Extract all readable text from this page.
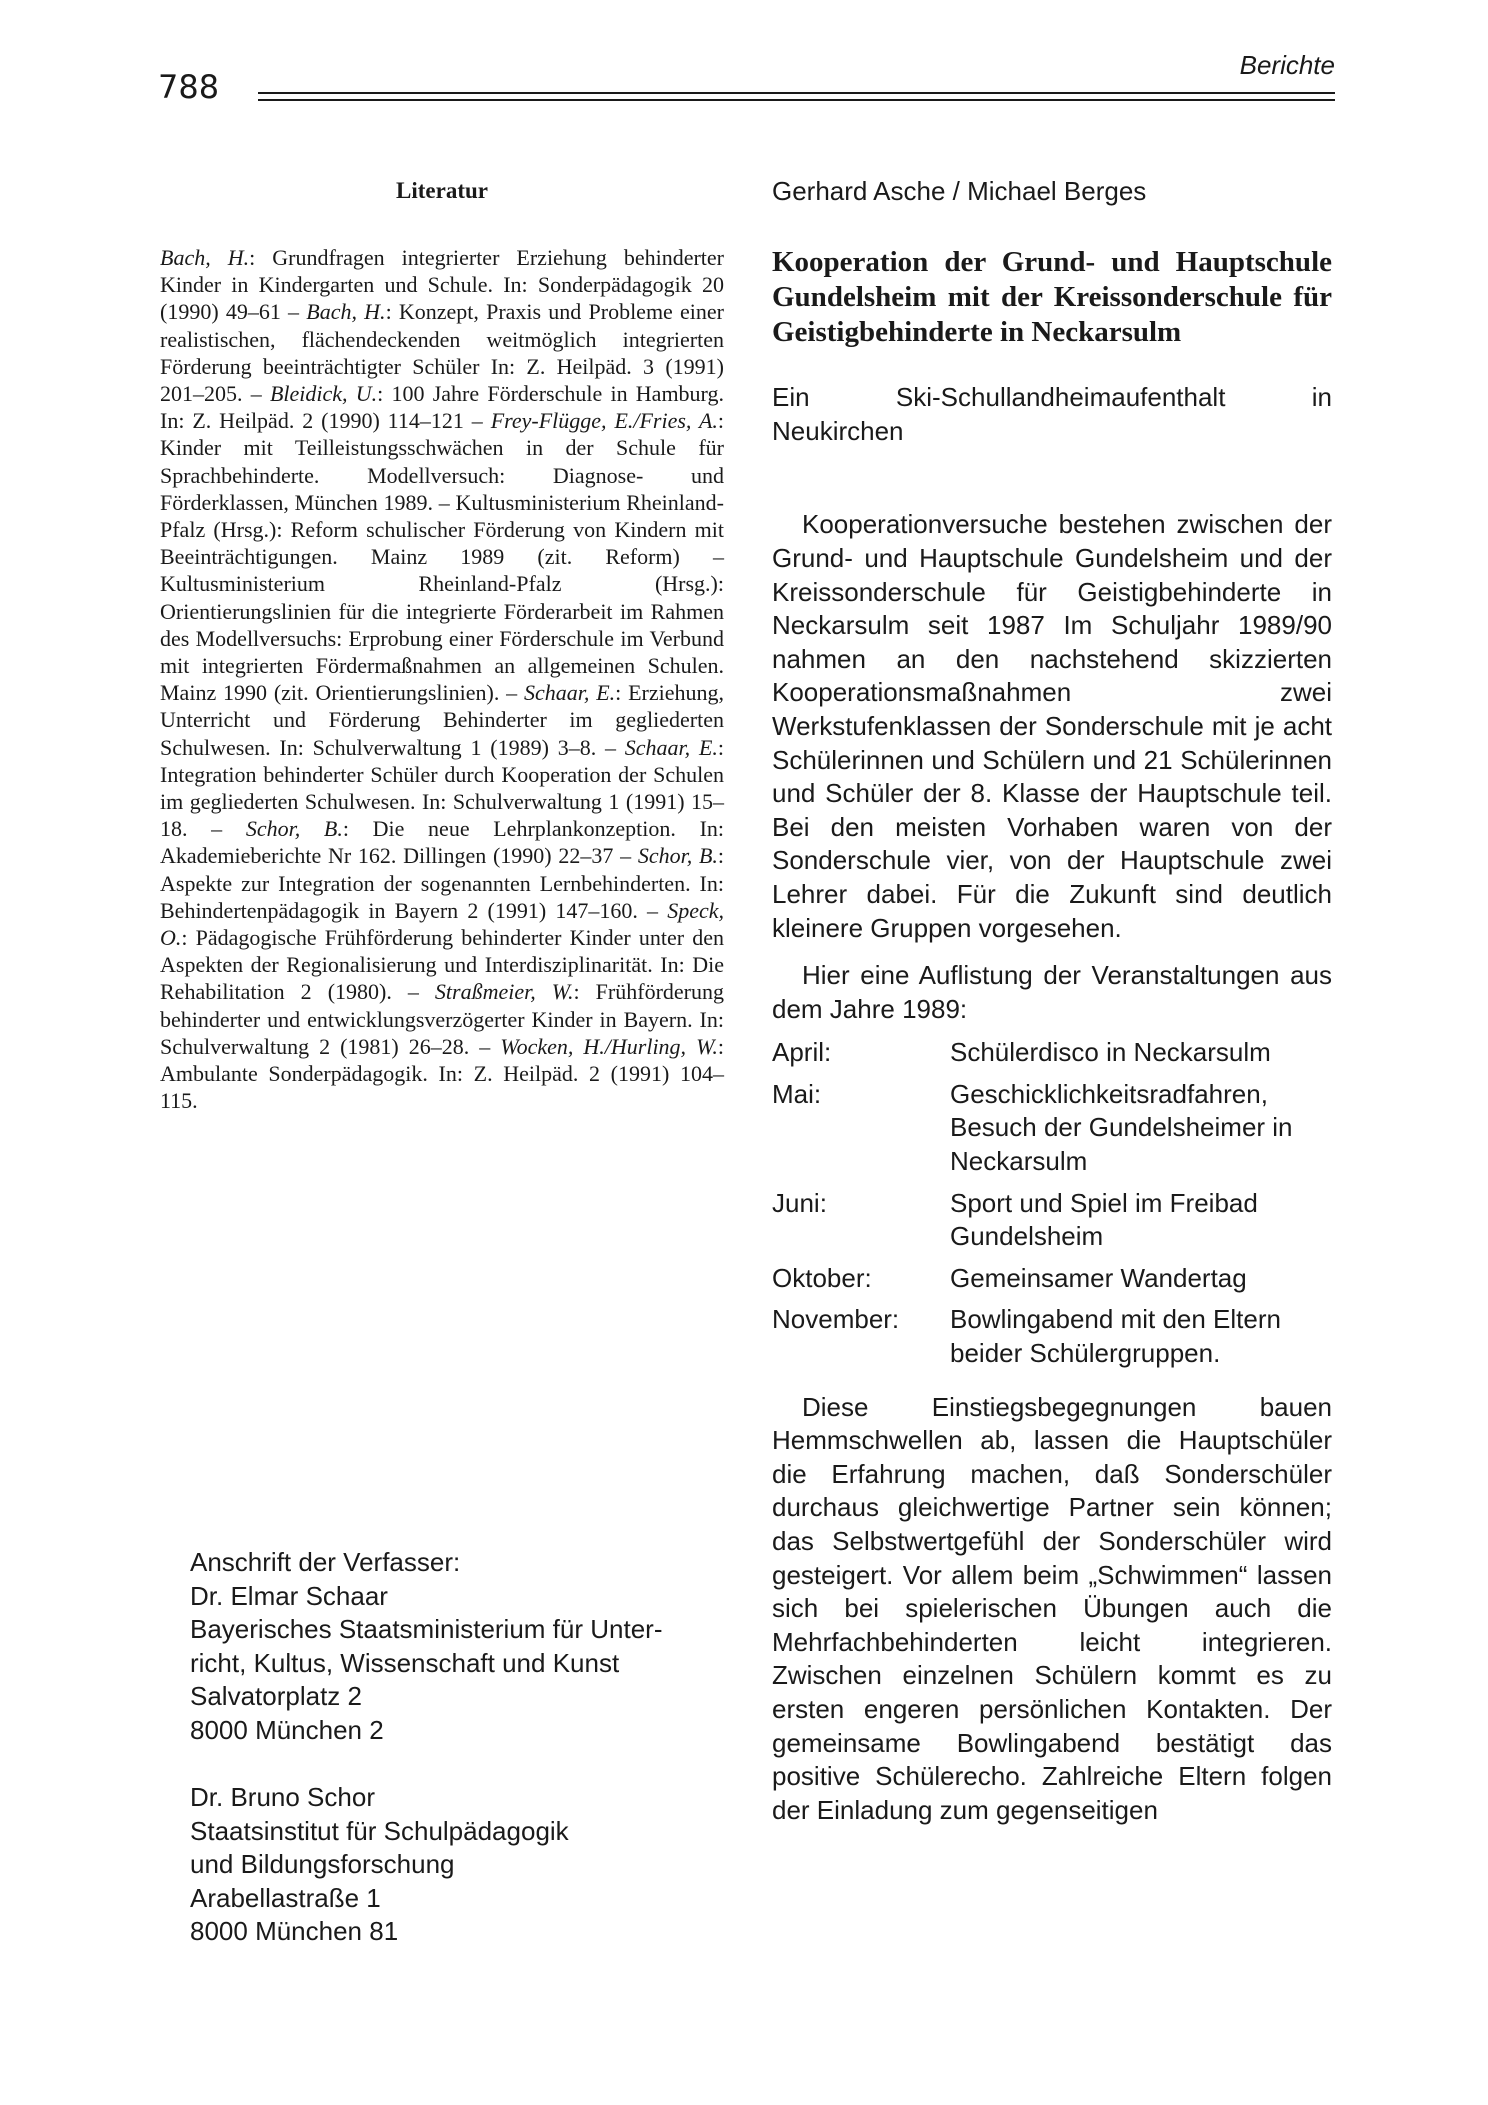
788
Berichte
Literatur
Bach, H.: Grundfragen integrierter Erziehung behinderter Kinder in Kindergarten und Schule. In: Sonderpädagogik 20 (1990) 49–61 – Bach, H.: Konzept, Praxis und Probleme einer realistischen, flächendeckenden weitmöglich integrierten Förderung beeinträchtigter Schüler In: Z. Heilpäd. 3 (1991) 201–205. – Bleidick, U.: 100 Jahre Förderschule in Hamburg. In: Z. Heilpäd. 2 (1990) 114–121 – Frey-Flügge, E./Fries, A.: Kinder mit Teilleistungsschwächen in der Schule für Sprachbehinderte. Modellversuch: Diagnose- und Förderklassen, München 1989. – Kultusministerium Rheinland-Pfalz (Hrsg.): Reform schulischer Förderung von Kindern mit Beeinträchtigungen. Mainz 1989 (zit. Reform) – Kultusministerium Rheinland-Pfalz (Hrsg.): Orientierungslinien für die integrierte Förderarbeit im Rahmen des Modellversuchs: Erprobung einer Förderschule im Verbund mit integrierten Fördermaßnahmen an allgemeinen Schulen. Mainz 1990 (zit. Orientierungslinien). – Schaar, E.: Erziehung, Unterricht und Förderung Behinderter im gegliederten Schulwesen. In: Schulverwaltung 1 (1989) 3–8. – Schaar, E.: Integration behinderter Schüler durch Kooperation der Schulen im gegliederten Schulwesen. In: Schulverwaltung 1 (1991) 15–18. – Schor, B.: Die neue Lehrplankonzeption. In: Akademieberichte Nr 162. Dillingen (1990) 22–37 – Schor, B.: Aspekte zur Integration der sogenannten Lernbehinderten. In: Behindertenpädagogik in Bayern 2 (1991) 147–160. – Speck, O.: Pädagogische Frühförderung behinderter Kinder unter den Aspekten der Regionalisierung und Interdisziplinarität. In: Die Rehabilitation 2 (1980). – Straßmeier, W.: Frühförderung behinderter und entwicklungsverzögerter Kinder in Bayern. In: Schulverwaltung 2 (1981) 26–28. – Wocken, H./Hurling, W.: Ambulante Sonderpädagogik. In: Z. Heilpäd. 2 (1991) 104–115.
Anschrift der Verfasser:
Dr. Elmar Schaar
Bayerisches Staatsministerium für Unter-
richt, Kultus, Wissenschaft und Kunst
Salvatorplatz 2
8000 München 2
Dr. Bruno Schor
Staatsinstitut für Schulpädagogik
und Bildungsforschung
Arabellastraße 1
8000 München 81
Gerhard Asche / Michael Berges
Kooperation der Grund- und Hauptschule Gundelsheim mit der Kreissonderschule für Geistigbehinderte in Neckarsulm
Ein Ski-Schullandheimaufenthalt in
Neukirchen

Kooperationversuche bestehen zwischen der Grund- und Hauptschule Gundelsheim und der Kreissonderschule für Geistigbehinderte in Neckarsulm seit 1987 Im Schuljahr 1989/90 nahmen an den nachstehend skizzierten Kooperationsmaßnahmen zwei Werkstufenklassen der Sonderschule mit je acht Schülerinnen und Schülern und 21 Schülerinnen und Schüler der 8. Klasse der Hauptschule teil. Bei den meisten Vorhaben waren von der Sonderschule vier, von der Hauptschule zwei Lehrer dabei. Für die Zukunft sind deutlich kleinere Gruppen vorgesehen.

Hier eine Auflistung der Veranstaltungen aus dem Jahre 1989:

April:	Schülerdisco in Neckarsulm
Mai:	Geschicklichkeitsradfahren, Besuch der Gundelsheimer in Neckarsulm
Juni:	Sport und Spiel im Freibad Gundelsheim
Oktober:	Gemeinsamer Wandertag
November:	Bowlingabend mit den Eltern beider Schülergruppen.

Diese Einstiegsbegegnungen bauen Hemmschwellen ab, lassen die Hauptschüler die Erfahrung machen, daß Sonderschüler durchaus gleichwertige Partner sein können; das Selbstwertgefühl der Sonderschüler wird gesteigert. Vor allem beim „Schwimmen“ lassen sich bei spielerischen Übungen auch die Mehrfachbehinderten leicht integrieren. Zwischen einzelnen Schülern kommt es zu ersten engeren persönlichen Kontakten. Der gemeinsame Bowlingabend bestätigt das positive Schülerecho. Zahlreiche Eltern folgen der Einladung zum gegenseitigen
